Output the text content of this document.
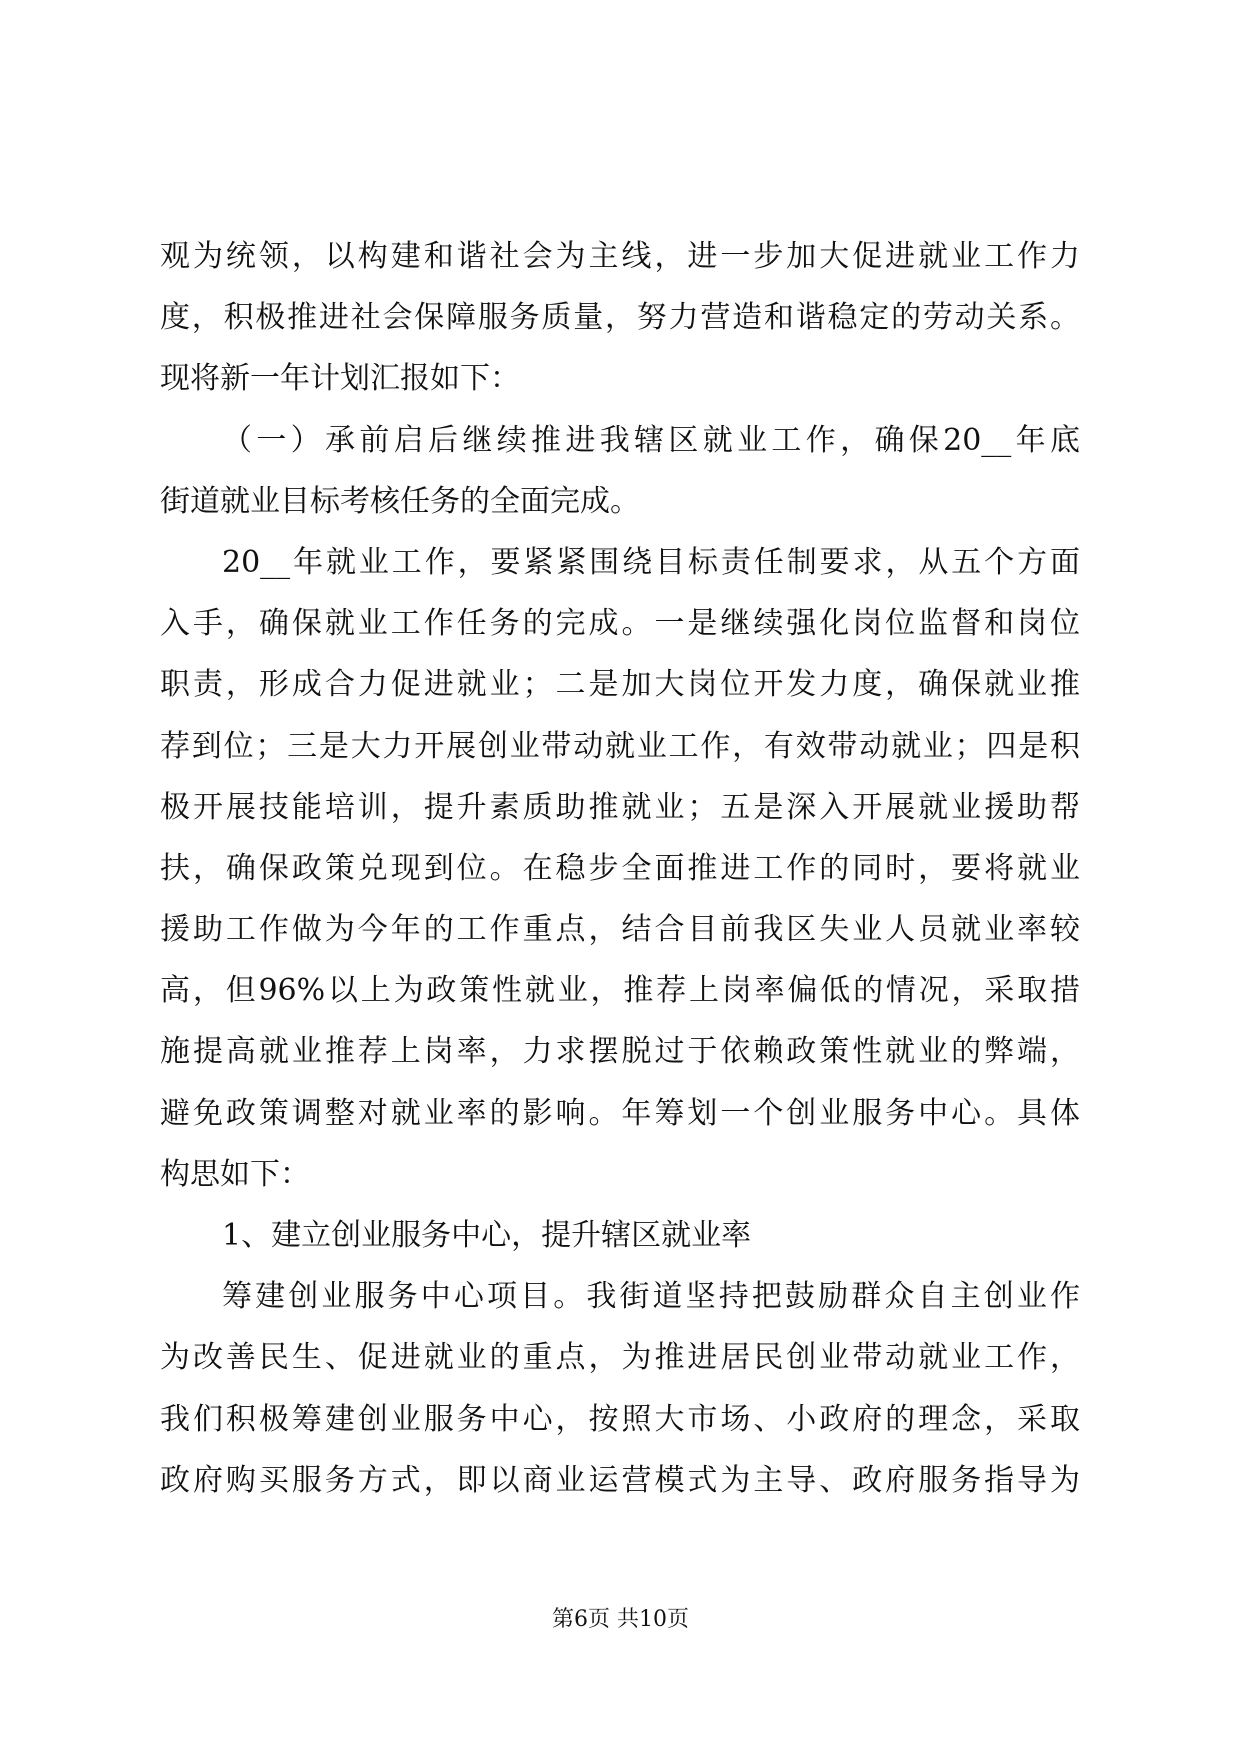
观为统领，以构建和谐社会为主线，进一步加大促进就业工作力
度，积极推进社会保障服务质量，努力营造和谐稳定的劳动关系。
现将新一年计划汇报如下：
（一）承前启后继续推进我辖区就业工作，确保20__年底
街道就业目标考核任务的全面完成。
20__年就业工作，要紧紧围绕目标责任制要求，从五个方面
入手，确保就业工作任务的完成。一是继续强化岗位监督和岗位
职责，形成合力促进就业；二是加大岗位开发力度，确保就业推
荐到位；三是大力开展创业带动就业工作，有效带动就业；四是积
极开展技能培训，提升素质助推就业；五是深入开展就业援助帮
扶，确保政策兑现到位。在稳步全面推进工作的同时，要将就业
援助工作做为今年的工作重点，结合目前我区失业人员就业率较
高，但96%以上为政策性就业，推荐上岗率偏低的情况，采取措
施提高就业推荐上岗率，力求摆脱过于依赖政策性就业的弊端，
避免政策调整对就业率的影响。年筹划一个创业服务中心。具体
构思如下：
1、建立创业服务中心，提升辖区就业率
筹建创业服务中心项目。我街道坚持把鼓励群众自主创业作
为改善民生、促进就业的重点，为推进居民创业带动就业工作，
我们积极筹建创业服务中心，按照大市场、小政府的理念，采取
政府购买服务方式，即以商业运营模式为主导、政府服务指导为
第6页 共10页
